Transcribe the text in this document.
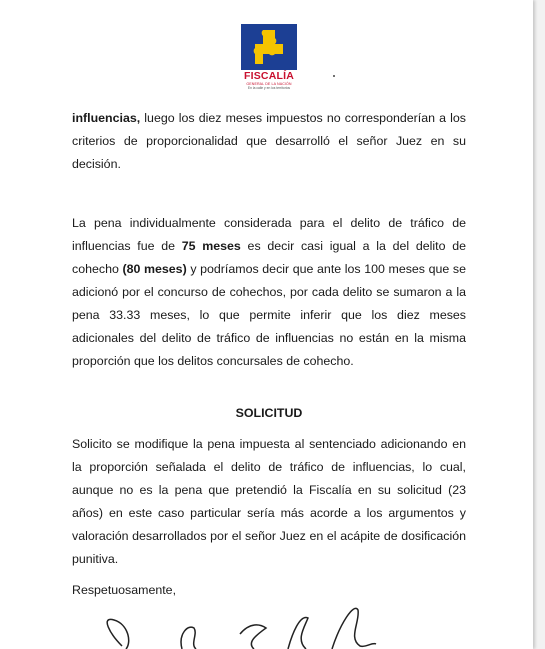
FISCALÍA
GENERAL DE LA NACIÓN
En la calle y en los territorios

influencias, luego los diez meses impuestos no corresponderían a los criterios de proporcionalidad que desarrolló el señor Juez en su decisión.

La pena individualmente considerada para el delito de tráfico de influencias fue de 75 meses es decir casi igual a la del delito de cohecho (80 meses) y podríamos decir que ante los 100 meses que se adicionó por el concurso de cohechos, por cada delito se sumaron a la pena 33.33 meses, lo que permite inferir que los diez meses adicionales del delito de tráfico de influencias no están en la misma proporción que los delitos concursales de cohecho.

SOLICITUD

Solicito se modifique la pena impuesta al sentenciado adicionando en la proporción señalada el delito de tráfico de influencias, lo cual, aunque no es la pena que pretendió la Fiscalía en su solicitud (23 años) en este caso particular sería más acorde a los argumentos y valoración desarrollados por el señor Juez en el acápite de dosificación punitiva.

Respetuosamente,
